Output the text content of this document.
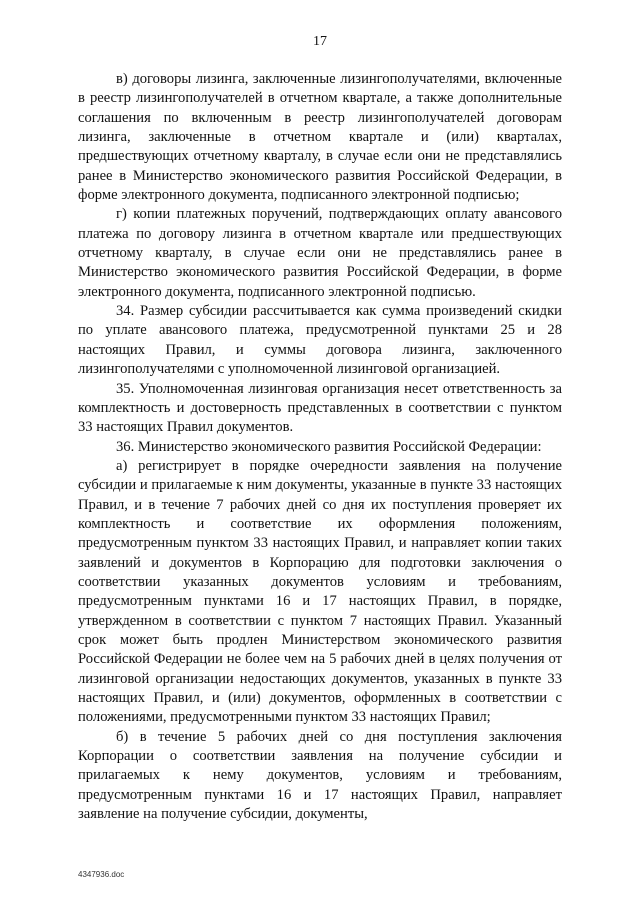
17

в) договоры лизинга, заключенные лизингополучателями, включенные в реестр лизингополучателей в отчетном квартале, а также дополнительные соглашения по включенным в реестр лизингополучателей договорам лизинга, заключенные в отчетном квартале и (или) кварталах, предшествующих отчетному кварталу, в случае если они не представлялись ранее в Министерство экономического развития Российской Федерации, в форме электронного документа, подписанного электронной подписью;

г) копии платежных поручений, подтверждающих оплату авансового платежа по договору лизинга в отчетном квартале или предшествующих отчетному кварталу, в случае если они не представлялись ранее в Министерство экономического развития Российской Федерации, в форме электронного документа, подписанного электронной подписью.

34. Размер субсидии рассчитывается как сумма произведений скидки по уплате авансового платежа, предусмотренной пунктами 25 и 28 настоящих Правил, и суммы договора лизинга, заключенного лизингополучателями с уполномоченной лизинговой организацией.

35. Уполномоченная лизинговая организация несет ответственность за комплектность и достоверность представленных в соответствии с пунктом 33 настоящих Правил документов.

36. Министерство экономического развития Российской Федерации:

а) регистрирует в порядке очередности заявления на получение субсидии и прилагаемые к ним документы, указанные в пункте 33 настоящих Правил, и в течение 7 рабочих дней со дня их поступления проверяет их комплектность и соответствие их оформления положениям, предусмотренным пунктом 33 настоящих Правил, и направляет копии таких заявлений и документов в Корпорацию для подготовки заключения о соответствии указанных документов условиям и требованиям, предусмотренным пунктами 16 и 17 настоящих Правил, в порядке, утвержденном в соответствии с пунктом 7 настоящих Правил. Указанный срок может быть продлен Министерством экономического развития Российской Федерации не более чем на 5 рабочих дней в целях получения от лизинговой организации недостающих документов, указанных в пункте 33 настоящих Правил, и (или) документов, оформленных в соответствии с положениями, предусмотренными пунктом 33 настоящих Правил;

б) в течение 5 рабочих дней со дня поступления заключения Корпорации о соответствии заявления на получение субсидии и прилагаемых к нему документов, условиям и требованиям, предусмотренным пунктами 16 и 17 настоящих Правил, направляет заявление на получение субсидии, документы,

4347936.doc
